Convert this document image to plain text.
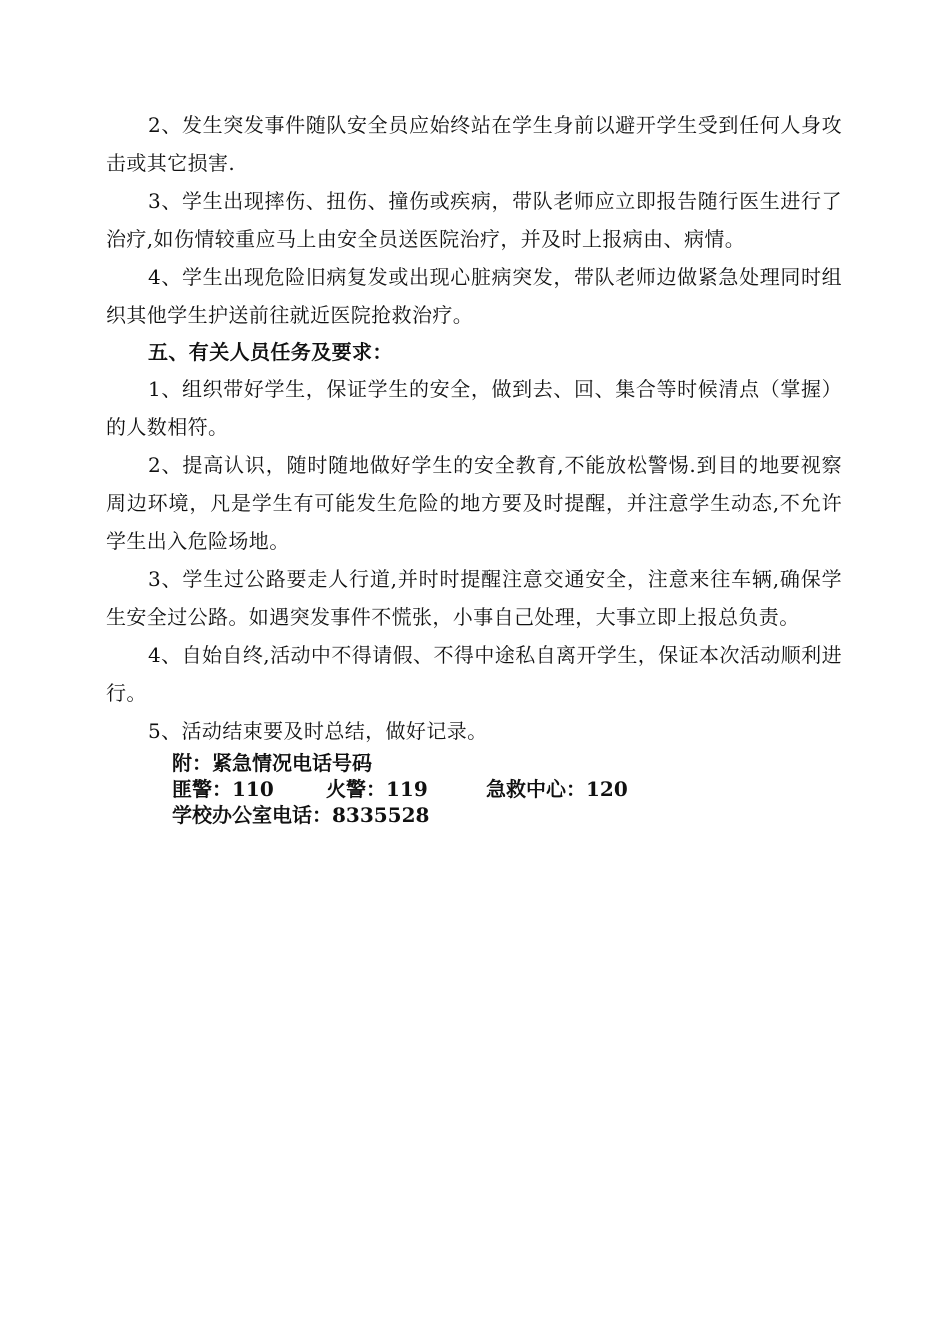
2、发生突发事件随队安全员应始终站在学生身前以避开学生受到任何人身攻击或其它损害.

3、学生出现摔伤、扭伤、撞伤或疾病，带队老师应立即报告随行医生进行了治疗,如伤情较重应马上由安全员送医院治疗，并及时上报病由、病情。

4、学生出现危险旧病复发或出现心脏病突发，带队老师边做紧急处理同时组织其他学生护送前往就近医院抢救治疗。

五、有关人员任务及要求：

1、组织带好学生，保证学生的安全，做到去、回、集合等时候清点（掌握）的人数相符。

2、提高认识，随时随地做好学生的安全教育,不能放松警惕.到目的地要视察周边环境，凡是学生有可能发生危险的地方要及时提醒，并注意学生动态,不允许学生出入危险场地。

3、学生过公路要走人行道,并时时提醒注意交通安全，注意来往车辆,确保学生安全过公路。如遇突发事件不慌张，小事自己处理，大事立即上报总负责。

4、自始自终,活动中不得请假、不得中途私自离开学生，保证本次活动顺利进行。

5、活动结束要及时总结，做好记录。

附：紧急情况电话号码

匪警：110	火警：119	急救中心：120

学校办公室电话：8335528
